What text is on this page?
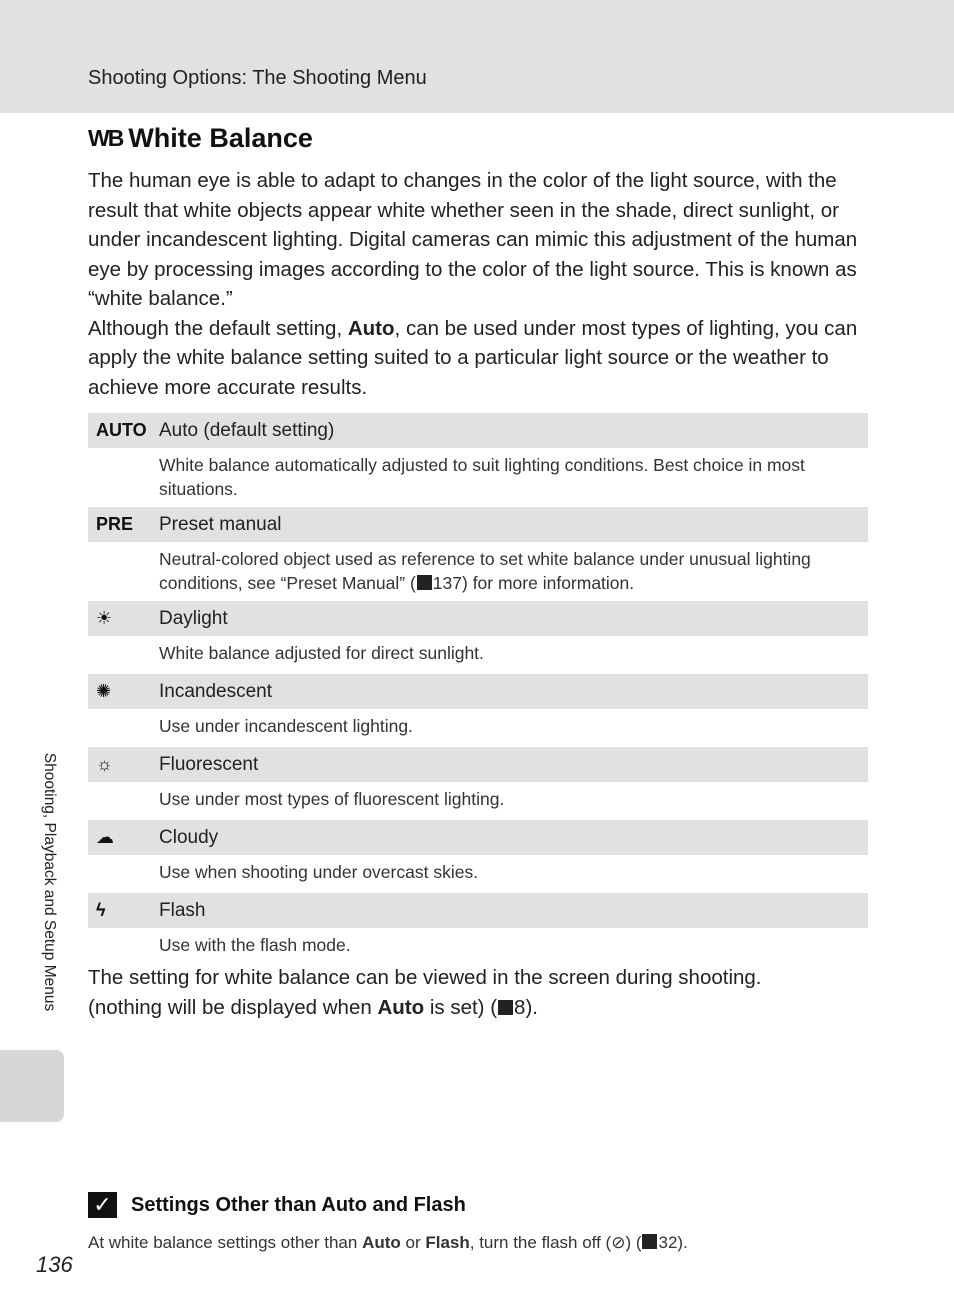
Shooting Options: The Shooting Menu
WB White Balance

The human eye is able to adapt to changes in the color of the light source, with the result that white objects appear white whether seen in the shade, direct sunlight, or under incandescent lighting. Digital cameras can mimic this adjustment of the human eye by processing images according to the color of the light source. This is known as “white balance.”

Although the default setting, Auto, can be used under most types of lighting, you can apply the white balance setting suited to a particular light source or the weather to achieve more accurate results.

AUTO Auto (default setting)
White balance automatically adjusted to suit lighting conditions. Best choice in most situations.
PRE	Preset manual
Neutral-colored object used as reference to set white balance under unusual lighting conditions, see “Preset Manual” ( 137) for more information.
☀	Daylight
White balance adjusted for direct sunlight.
✺	Incandescent
Use under incandescent lighting.
☼	Fluorescent
Use under most types of fluorescent lighting.
☁	Cloudy
Use when shooting under overcast skies.
ϟ	Flash
Use with the flash mode.

The setting for white balance can be viewed in the screen during shooting.

(nothing will be displayed when Auto is set) ( 8).

Shooting, Playback and Setup Menus
✓ Settings Other than Auto and Flash
At white balance settings other than Auto or Flash, turn the flash off (⊘) ( 32).
136
